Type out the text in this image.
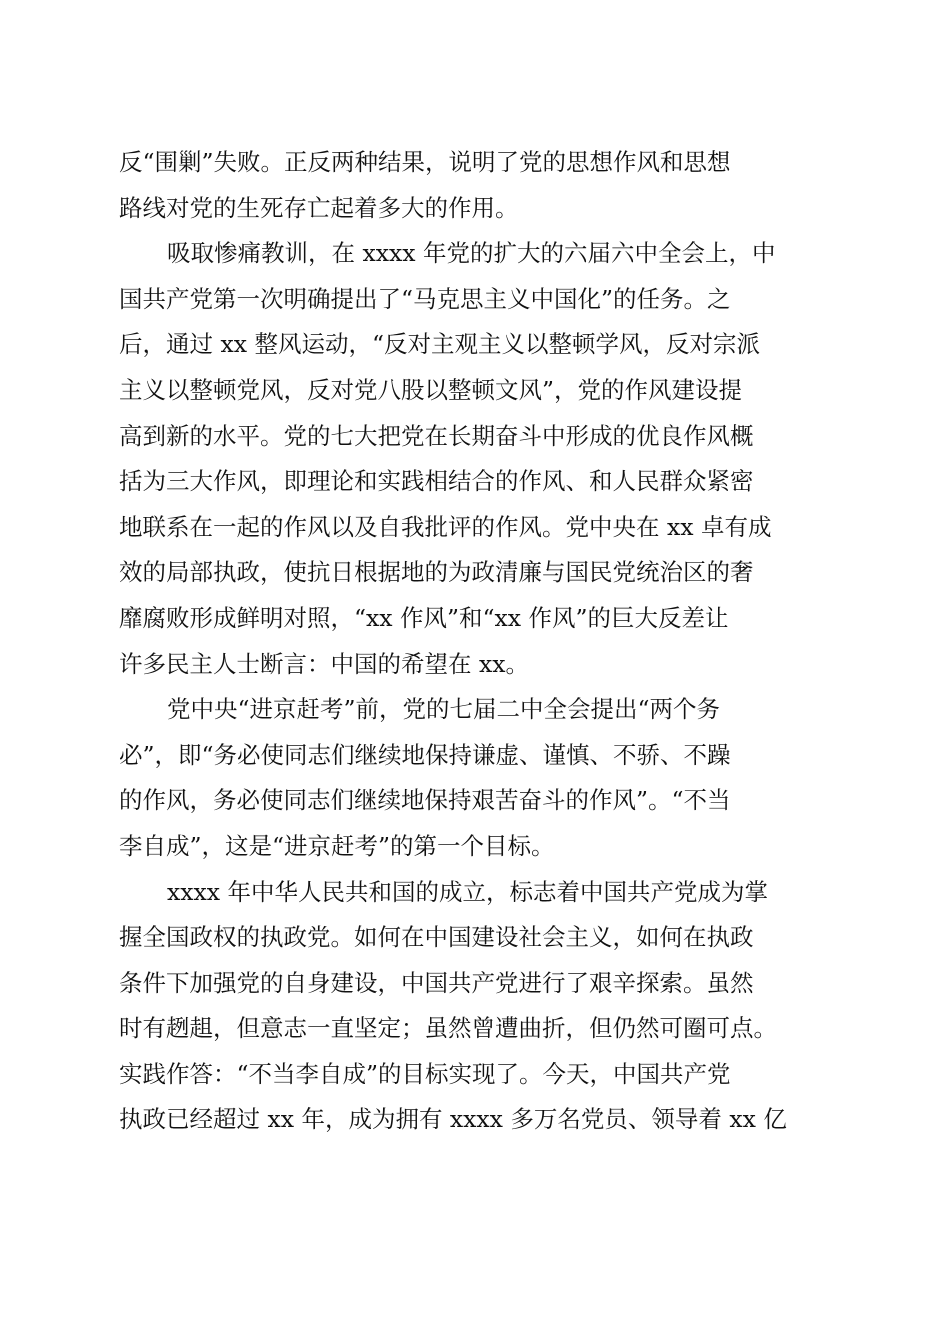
反“围剿”失败。正反两种结果，说明了党的思想作风和思想
路线对党的生死存亡起着多大的作用。
吸取惨痛教训，在 xxxx 年党的扩大的六届六中全会上，中
国共产党第一次明确提出了“马克思主义中国化”的任务。之
后，通过 xx 整风运动，“反对主观主义以整顿学风，反对宗派
主义以整顿党风，反对党八股以整顿文风”，党的作风建设提
高到新的水平。党的七大把党在长期奋斗中形成的优良作风概
括为三大作风，即理论和实践相结合的作风、和人民群众紧密
地联系在一起的作风以及自我批评的作风。党中央在 xx 卓有成
效的局部执政，使抗日根据地的为政清廉与国民党统治区的奢
靡腐败形成鲜明对照，“xx 作风”和“xx 作风”的巨大反差让
许多民主人士断言：中国的希望在 xx。
党中央“进京赶考”前，党的七届二中全会提出“两个务
必”，即“务必使同志们继续地保持谦虚、谨慎、不骄、不躁
的作风，务必使同志们继续地保持艰苦奋斗的作风”。“不当
李自成”，这是“进京赶考”的第一个目标。
xxxx 年中华人民共和国的成立，标志着中国共产党成为掌
握全国政权的执政党。如何在中国建设社会主义，如何在执政
条件下加强党的自身建设，中国共产党进行了艰辛探索。虽然
时有趔趄，但意志一直坚定；虽然曾遭曲折，但仍然可圈可点。
实践作答：“不当李自成”的目标实现了。今天，中国共产党
执政已经超过 xx 年，成为拥有 xxxx 多万名党员、领导着 xx 亿
